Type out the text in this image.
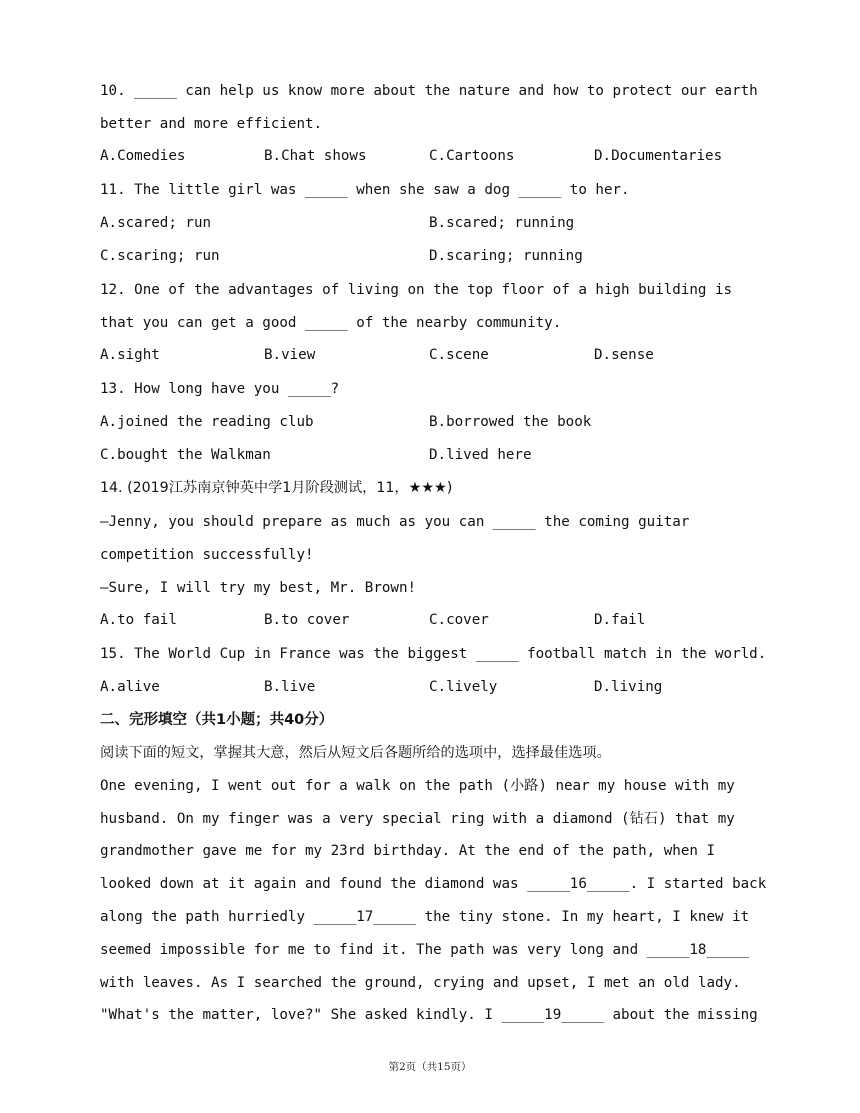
10. _____ can help us know more about the nature and how to protect our earth
better and more efficient.
A.Comedies	B.Chat shows	C.Cartoons	D.Documentaries
11. The little girl was _____ when she saw a dog _____ to her.
A.scared; run	B.scared; running
C.scaring; run	D.scaring; running
12. One of the advantages of living on the top floor of a high building is
that you can get a good _____ of the nearby community.
A.sight	B.view	C.scene	D.sense
13. How long have you _____?
A.joined the reading club	B.borrowed the book
C.bought the Walkman	D.lived here
14. (2019江苏南京钟英中学1月阶段测试，11，★★★)
—Jenny, you should prepare as much as you can _____ the coming guitar
competition successfully!
—Sure, I will try my best, Mr. Brown!
A.to fail	B.to cover	C.cover	D.fail
15. The World Cup in France was the biggest _____ football match in the world.
A.alive	B.live	C.lively	D.living
二、完形填空（共1小题；共40分）
阅读下面的短文，掌握其大意，然后从短文后各题所给的选项中，选择最佳选项。
One evening, I went out for a walk on the path (小路) near my house with my
husband. On my finger was a very special ring with a diamond (钻石) that my
grandmother gave me for my 23rd birthday. At the end of the path, when I
looked down at it again and found the diamond was _____16_____. I started back
along the path hurriedly _____17_____ the tiny stone. In my heart, I knew it
seemed impossible for me to find it. The path was very long and _____18_____
with leaves. As I searched the ground, crying and upset, I met an old lady.
"What's the matter, love?" She asked kindly. I _____19_____ about the missing
第2页（共15页）
